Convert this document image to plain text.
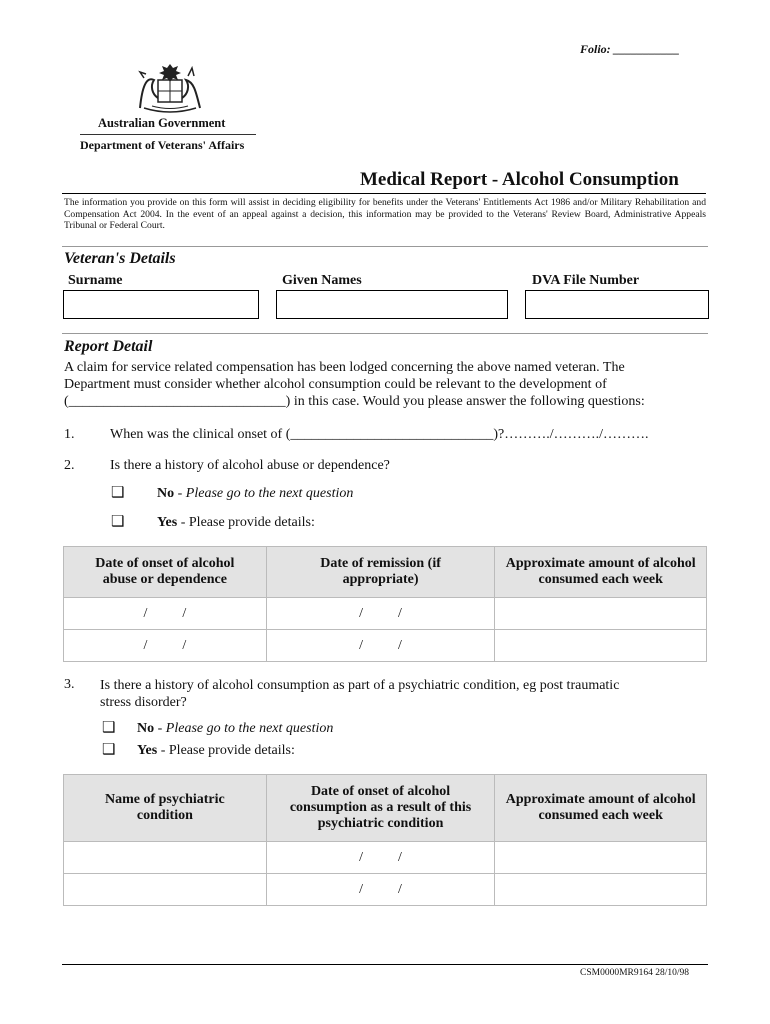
Folio: ___________
Australian Government
Department of Veterans' Affairs
Medical Report - Alcohol Consumption
The information you provide on this form will assist in deciding eligibility for benefits under the Veterans' Entitlements Act 1986 and/or Military Rehabilitation and Compensation Act 2004. In the event of an appeal against a decision, this information may be provided to the Veterans' Review Board, Administrative Appeals Tribunal or Federal Court.
Veteran's Details
Surname	Given Names	DVA File Number
Report Detail
A claim for service related compensation has been lodged concerning the above named veteran. The
Department must consider whether alcohol consumption could be relevant to the development of
(_______________________________) in this case. Would you please answer the following questions:
1.	When was the clinical onset of (_____________________________)?………./………./……….
2.	Is there a history of alcohol abuse or dependence?
❑ No - Please go to the next question
❑ Yes - Please provide details:
Date of onset of alcohol abuse or dependence	Date of remission (if appropriate)	Approximate amount of alcohol consumed each week

/          /	/          /	
/          /	/          /	
3. Is there a history of alcohol consumption as part of a psychiatric condition, eg post traumatic
stress disorder?
❑ No - Please go to the next question
❑ Yes - Please provide details:
Name of psychiatric condition	Date of onset of alcohol consumption as a result of this psychiatric condition	Approximate amount of alcohol consumed each week

	/          /	
	/          /	
CSM0000MR9164 28/10/98
